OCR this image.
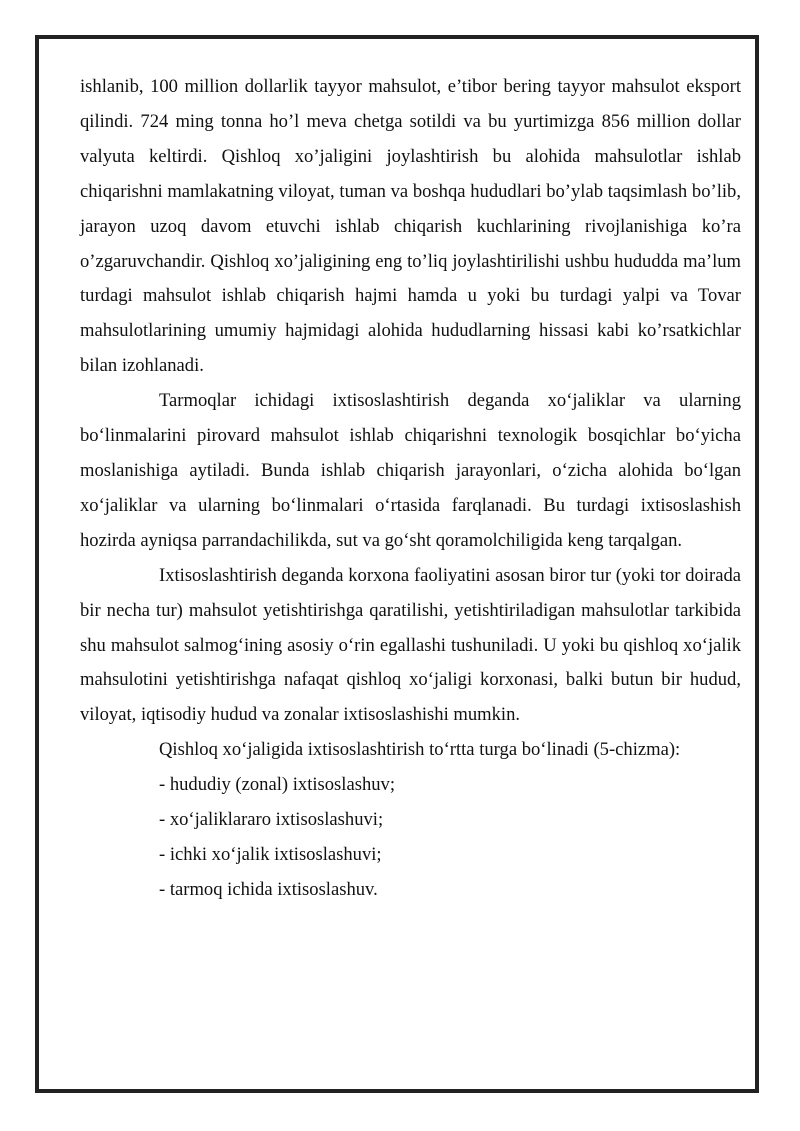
ishlanib, 100 million dollarlik tayyor mahsulot, e’tibor bering tayyor mahsulot eksport qilindi. 724 ming tonna ho’l meva chetga sotildi va bu yurtimizga 856 million dollar valyuta keltirdi. Qishloq xo’jaligini joylashtirish bu alohida mahsulotlar ishlab chiqarishni mamlakatning viloyat, tuman va boshqa hududlari bo’ylab taqsimlash bo’lib, jarayon uzoq davom etuvchi ishlab chiqarish kuchlarining rivojlanishiga ko’ra o’zgaruvchandir. Qishloq xo’jaligining eng to’liq joylashtirilishi ushbu hududda ma’lum turdagi mahsulot ishlab chiqarish hajmi hamda u yoki bu turdagi yalpi va Tovar mahsulotlarining umumiy hajmidagi alohida hududlarning hissasi kabi ko’rsatkichlar bilan izohlanadi.

Tarmoqlar ichidagi ixtisoslashtirish deganda xo‘jaliklar va ularning bo‘linmalarini pirovard mahsulot ishlab chiqarishni texnologik bosqichlar bo‘yicha moslanishiga aytiladi. Bunda ishlab chiqarish jarayonlari, o‘zicha alohida bo‘lgan xo‘jaliklar va ularning bo‘linmalari o‘rtasida farqlanadi. Bu turdagi ixtisoslashish hozirda ayniqsa parrandachilikda, sut va go‘sht qoramolchiligida keng tarqalgan.

Ixtisoslashtirish deganda korxona faoliyatini asosan biror tur (yoki tor doirada bir necha tur) mahsulot yetishtirishga qaratilishi, yetishtiriladigan mahsulotlar tarkibida shu mahsulot salmog‘ining asosiy o‘rin egallashi tushuniladi. U yoki bu qishloq xo‘jalik mahsulotini yetishtirishga nafaqat qishloq xo‘jaligi korxonasi, balki butun bir hudud, viloyat, iqtisodiy hudud va zonalar ixtisoslashishi mumkin.

Qishloq xo‘jaligida ixtisoslashtirish to‘rtta turga bo‘linadi (5-chizma):

- hududiy (zonal) ixtisoslashuv;

- xo‘jaliklararo ixtisoslashuvi;

- ichki xo‘jalik ixtisoslashuvi;

- tarmoq ichida ixtisoslashuv.
